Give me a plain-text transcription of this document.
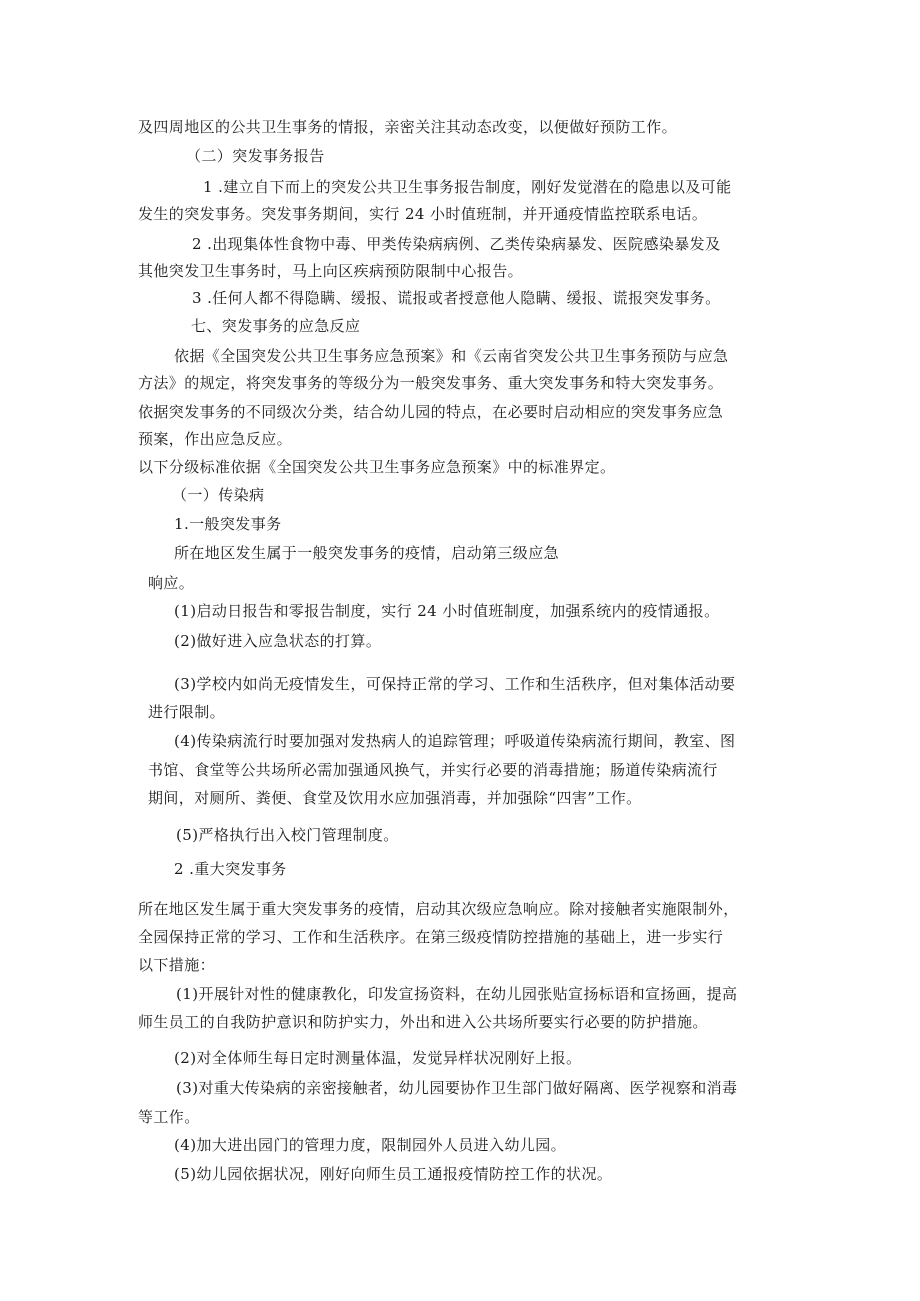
及四周地区的公共卫生事务的情报，亲密关注其动态改变，以便做好预防工作。
（二）突发事务报告
1 .建立自下而上的突发公共卫生事务报告制度，刚好发觉潜在的隐患以及可能
发生的突发事务。突发事务期间，实行 24 小时值班制，并开通疫情监控联系电话。
2 .出现集体性食物中毒、甲类传染病病例、乙类传染病暴发、医院感染暴发及
其他突发卫生事务时，马上向区疾病预防限制中心报告。
3 .任何人都不得隐瞒、缓报、谎报或者授意他人隐瞒、缓报、谎报突发事务。
七、突发事务的应急反应
依据《全国突发公共卫生事务应急预案》和《云南省突发公共卫生事务预防与应急
方法》的规定，将突发事务的等级分为一般突发事务、重大突发事务和特大突发事务。
依据突发事务的不同级次分类，结合幼儿园的特点，在必要时启动相应的突发事务应急
预案，作出应急反应。
以下分级标准依据《全国突发公共卫生事务应急预案》中的标准界定。
（一）传染病
1.一般突发事务
所在地区发生属于一般突发事务的疫情，启动第三级应急
响应。
(1)启动日报告和零报告制度，实行 24 小时值班制度，加强系统内的疫情通报。
(2)做好进入应急状态的打算。
(3)学校内如尚无疫情发生，可保持正常的学习、工作和生活秩序，但对集体活动要
进行限制。
(4)传染病流行时要加强对发热病人的追踪管理；呼吸道传染病流行期间，教室、图
书馆、食堂等公共场所必需加强通风换气，并实行必要的消毒措施；肠道传染病流行
期间，对厕所、粪便、食堂及饮用水应加强消毒，并加强除“四害”工作。
(5)严格执行出入校门管理制度。
2 .重大突发事务
所在地区发生属于重大突发事务的疫情，启动其次级应急响应。除对接触者实施限制外，
全园保持正常的学习、工作和生活秩序。在第三级疫情防控措施的基础上，进一步实行
以下措施：
(1)开展针对性的健康教化，印发宣扬资料，在幼儿园张贴宣扬标语和宣扬画，提高
师生员工的自我防护意识和防护实力，外出和进入公共场所要实行必要的防护措施。
(2)对全体师生每日定时测量体温，发觉异样状况刚好上报。
(3)对重大传染病的亲密接触者，幼儿园要协作卫生部门做好隔离、医学视察和消毒
等工作。
(4)加大进出园门的管理力度，限制园外人员进入幼儿园。
(5)幼儿园依据状况，刚好向师生员工通报疫情防控工作的状况。
